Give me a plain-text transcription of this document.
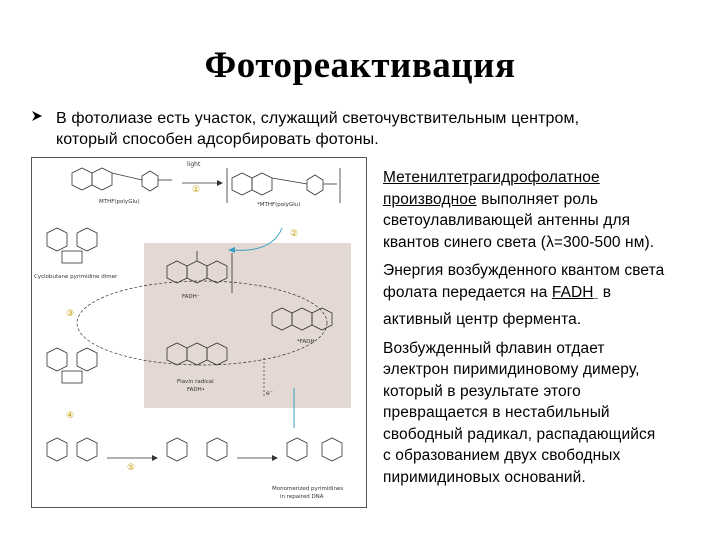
Фотореактивация
В фотолиазе есть участок, служащий светочувствительным центром,
который способен адсорбировать фотоны.
light
MTHF(polyGlu)	*MTHF(polyGlu)
①
Cyclobutane pyrimidine dimer
②
FADH⁻
*FADH⁻
Flavin radical
FADH•
③
e⁻
④
⑤
Monomerized pyrimidines
in repaired DNA

Метенилтетрагидрофолатное
производное выполняет роль
светоулавливающей антенны для
квантов синего света (λ=300-500 нм).

Энергия возбужденного квантом света
фолата передается на $FADH_-$ в
активный центр фермента.

Возбужденный флавин отдает
электрон пиримидиновому димеру,
который в результате этого
превращается в нестабильный
свободный радикал, распадающийся
с образованием двух свободных
пиримидиновых оснований.
